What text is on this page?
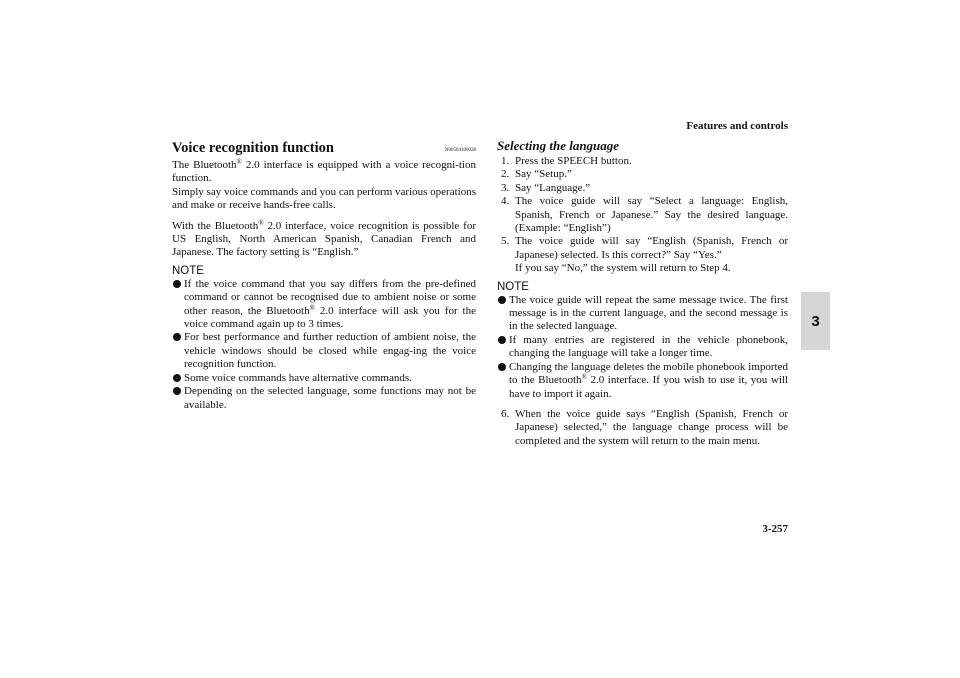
Features and controls
3
3-257
Voice recognition function	N00564100028

The Bluetooth® 2.0 interface is equipped with a voice recogni-tion function.

Simply say voice commands and you can perform various operations and make or receive hands-free calls.

With the Bluetooth® 2.0 interface, voice recognition is possible for US English, North American Spanish, Canadian French and Japanese. The factory setting is “English.”

NOTE
If the voice command that you say differs from the pre-defined command or cannot be recognised due to ambient noise or some other reason, the Bluetooth® 2.0 interface will ask you for the voice command again up to 3 times.
For best performance and further reduction of ambient noise, the vehicle windows should be closed while engag-ing the voice recognition function.
Some voice commands have alternative commands.
Depending on the selected language, some functions may not be available.
Selecting the language
1. Press the SPEECH button.
2. Say “Setup.”
3. Say “Language.”
4. The voice guide will say “Select a language: English, Spanish, French or Japanese.” Say the desired language. (Example: “English”)
5. The voice guide will say “English (Spanish, French or Japanese) selected. Is this correct?” Say “Yes.”
If you say “No,” the system will return to Step 4.
NOTE
The voice guide will repeat the same message twice. The first message is in the current language, and the second message is in the selected language.
If many entries are registered in the vehicle phonebook, changing the language will take a longer time.
Changing the language deletes the mobile phonebook imported to the Bluetooth® 2.0 interface. If you wish to use it, you will have to import it again.
6. When the voice guide says “English (Spanish, French or Japanese) selected,” the language change process will be completed and the system will return to the main menu.
